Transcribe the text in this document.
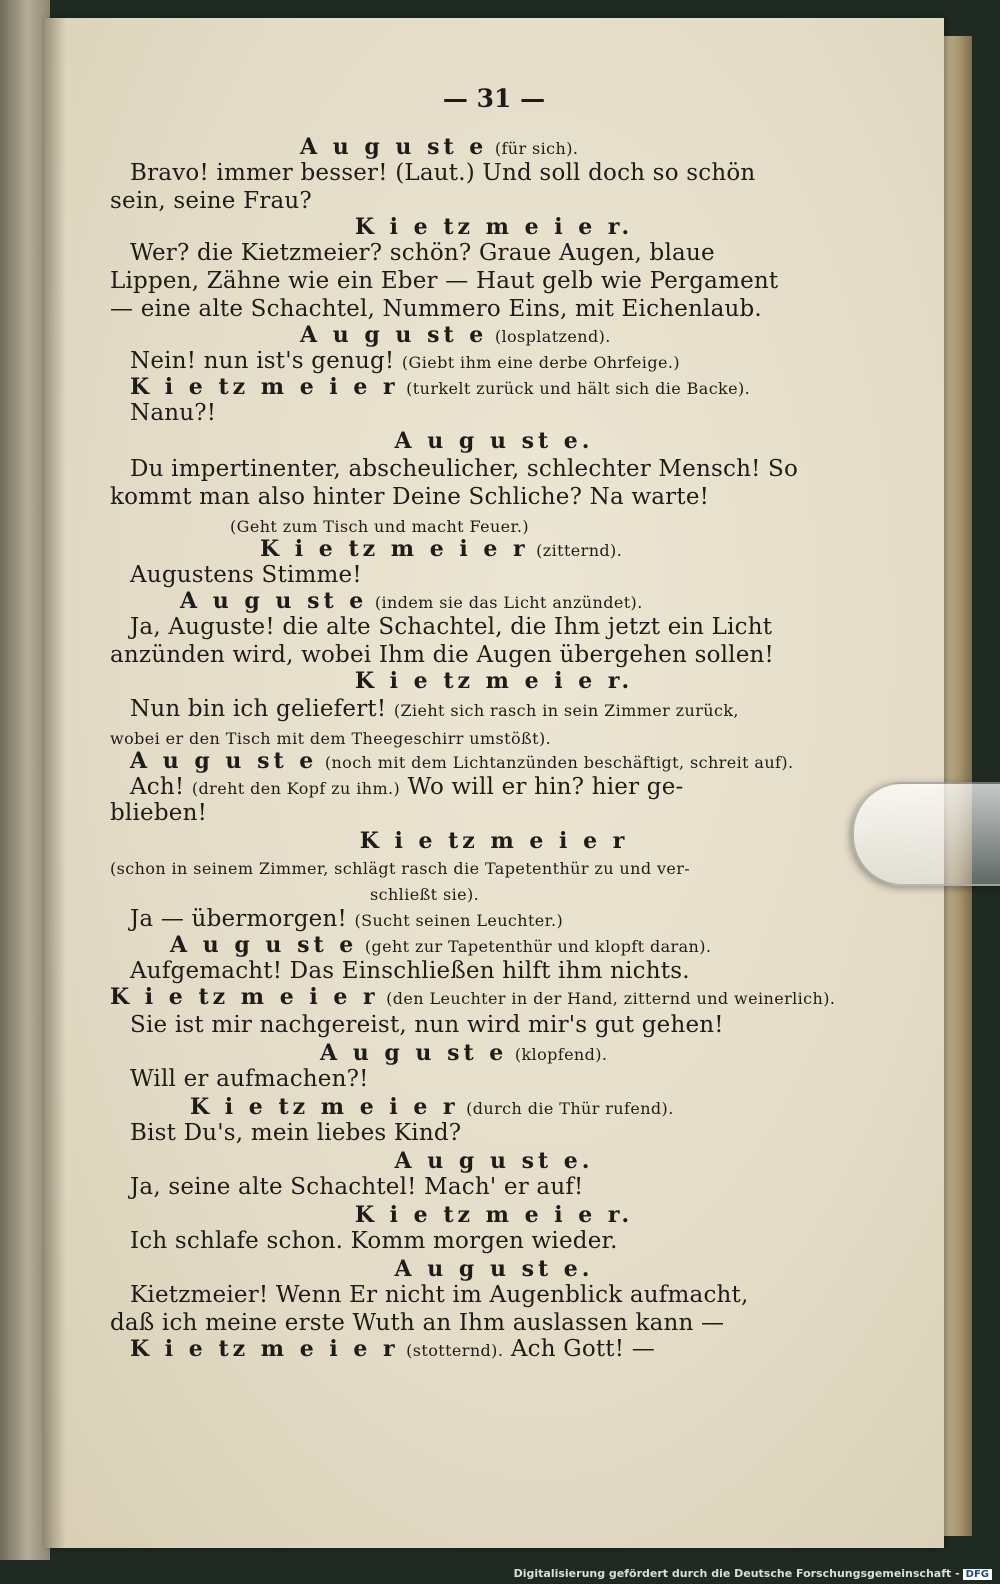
— 31 —
A u g u st e (für sich).
Bravo! immer besser! (Laut.) Und soll doch so schön
sein, seine Frau?
K i e tz m e i e r.
Wer? die Kietzmeier? schön? Graue Augen, blaue
Lippen, Zähne wie ein Eber — Haut gelb wie Pergament
— eine alte Schachtel, Nummero Eins, mit Eichenlaub.
A u g u st e (losplatzend).
Nein! nun ist's genug! (Giebt ihm eine derbe Ohrfeige.)
K i e tz m e i e r (turkelt zurück und hält sich die Backe).
Nanu?!
A u g u st e.
Du impertinenter, abscheulicher, schlechter Mensch! So
kommt man also hinter Deine Schliche? Na warte!
(Geht zum Tisch und macht Feuer.)
K i e tz m e i e r (zitternd).
Augustens Stimme!
A u g u st e (indem sie das Licht anzündet).
Ja, Auguste! die alte Schachtel, die Ihm jetzt ein Licht
anzünden wird, wobei Ihm die Augen übergehen sollen!
K i e tz m e i e r.
Nun bin ich geliefert! (Zieht sich rasch in sein Zimmer zurück,
wobei er den Tisch mit dem Theegeschirr umstößt).
A u g u st e (noch mit dem Lichtanzünden beschäftigt, schreit auf).
Ach! (dreht den Kopf zu ihm.) Wo will er hin? hier ge-
blieben!
K i e tz m e i e r
(schon in seinem Zimmer, schlägt rasch die Tapetenthür zu und ver-
schließt sie).
Ja — übermorgen! (Sucht seinen Leuchter.)
A u g u st e (geht zur Tapetenthür und klopft daran).
Aufgemacht! Das Einschließen hilft ihm nichts.
K i e tz m e i e r (den Leuchter in der Hand, zitternd und weinerlich).
Sie ist mir nachgereist, nun wird mir's gut gehen!
A u g u st e (klopfend).
Will er aufmachen?!
K i e tz m e i e r (durch die Thür rufend).
Bist Du's, mein liebes Kind?
A u g u st e.
Ja, seine alte Schachtel! Mach' er auf!
K i e tz m e i e r.
Ich schlafe schon. Komm morgen wieder.
A u g u st e.
Kietzmeier! Wenn Er nicht im Augenblick aufmacht,
daß ich meine erste Wuth an Ihm auslassen kann —
K i e tz m e i e r (stotternd). Ach Gott! —
Digitalisierung gefördert durch die Deutsche Forschungsgemeinschaft - DFG
